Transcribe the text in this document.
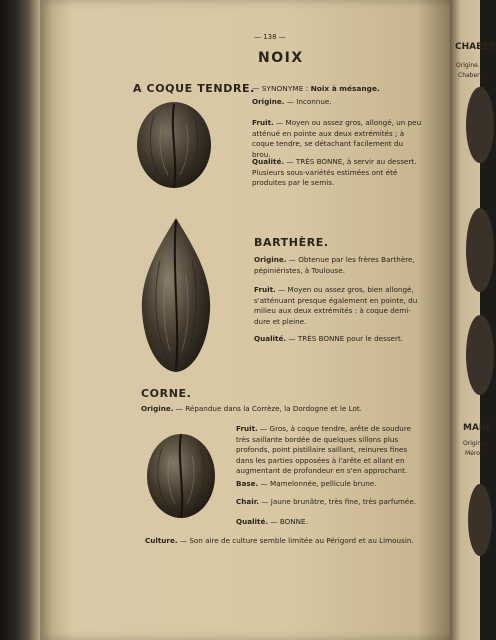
— 138 —
NOIX
A COQUE TENDRE.
— SYNONYME : Noix à mésange.
Origine. — Inconnue.
Fruit. — Moyen ou assez gros, allongé, un peu atténué en pointe aux deux extrémités ; à coque tendre, se détachant facilement du brou.
Qualité. — TRÈS BONNE, à servir au dessert. Plusieurs sous-variétés estimées ont été produites par le semis.
BARTHÈRE.
Origine. — Obtenue par les frères Barthère, pépiniéristes, à Toulouse.
Fruit. — Moyen ou assez gros, bien allongé, s'atténuant presque également en pointe, du milieu aux deux extrémités : à coque demi-dure et pleine.
Qualité. — TRÈS BONNE pour le dessert.
CORNE.
Origine. — Répandue dans la Corrèze, la Dordogne et le Lot.
Fruit. — Gros, à coque tendre, arête de soudure très saillante bordée de quelques sillons plus profonds, point pistillaire saillant, reinures fines dans les parties opposées à l'arête et allant en augmentant de profondeur en s'en approchant.
Base. — Mamelonnée, pellicule brune.
Chair. — Jaune brunâtre, très fine, très parfumée.
Qualité. — BONNE.
Culture. — Son aire de culture semble limitée au Périgord et au Limousin.
CHABER
Origine.
Chabert
MARE
Origine.
Mérou
